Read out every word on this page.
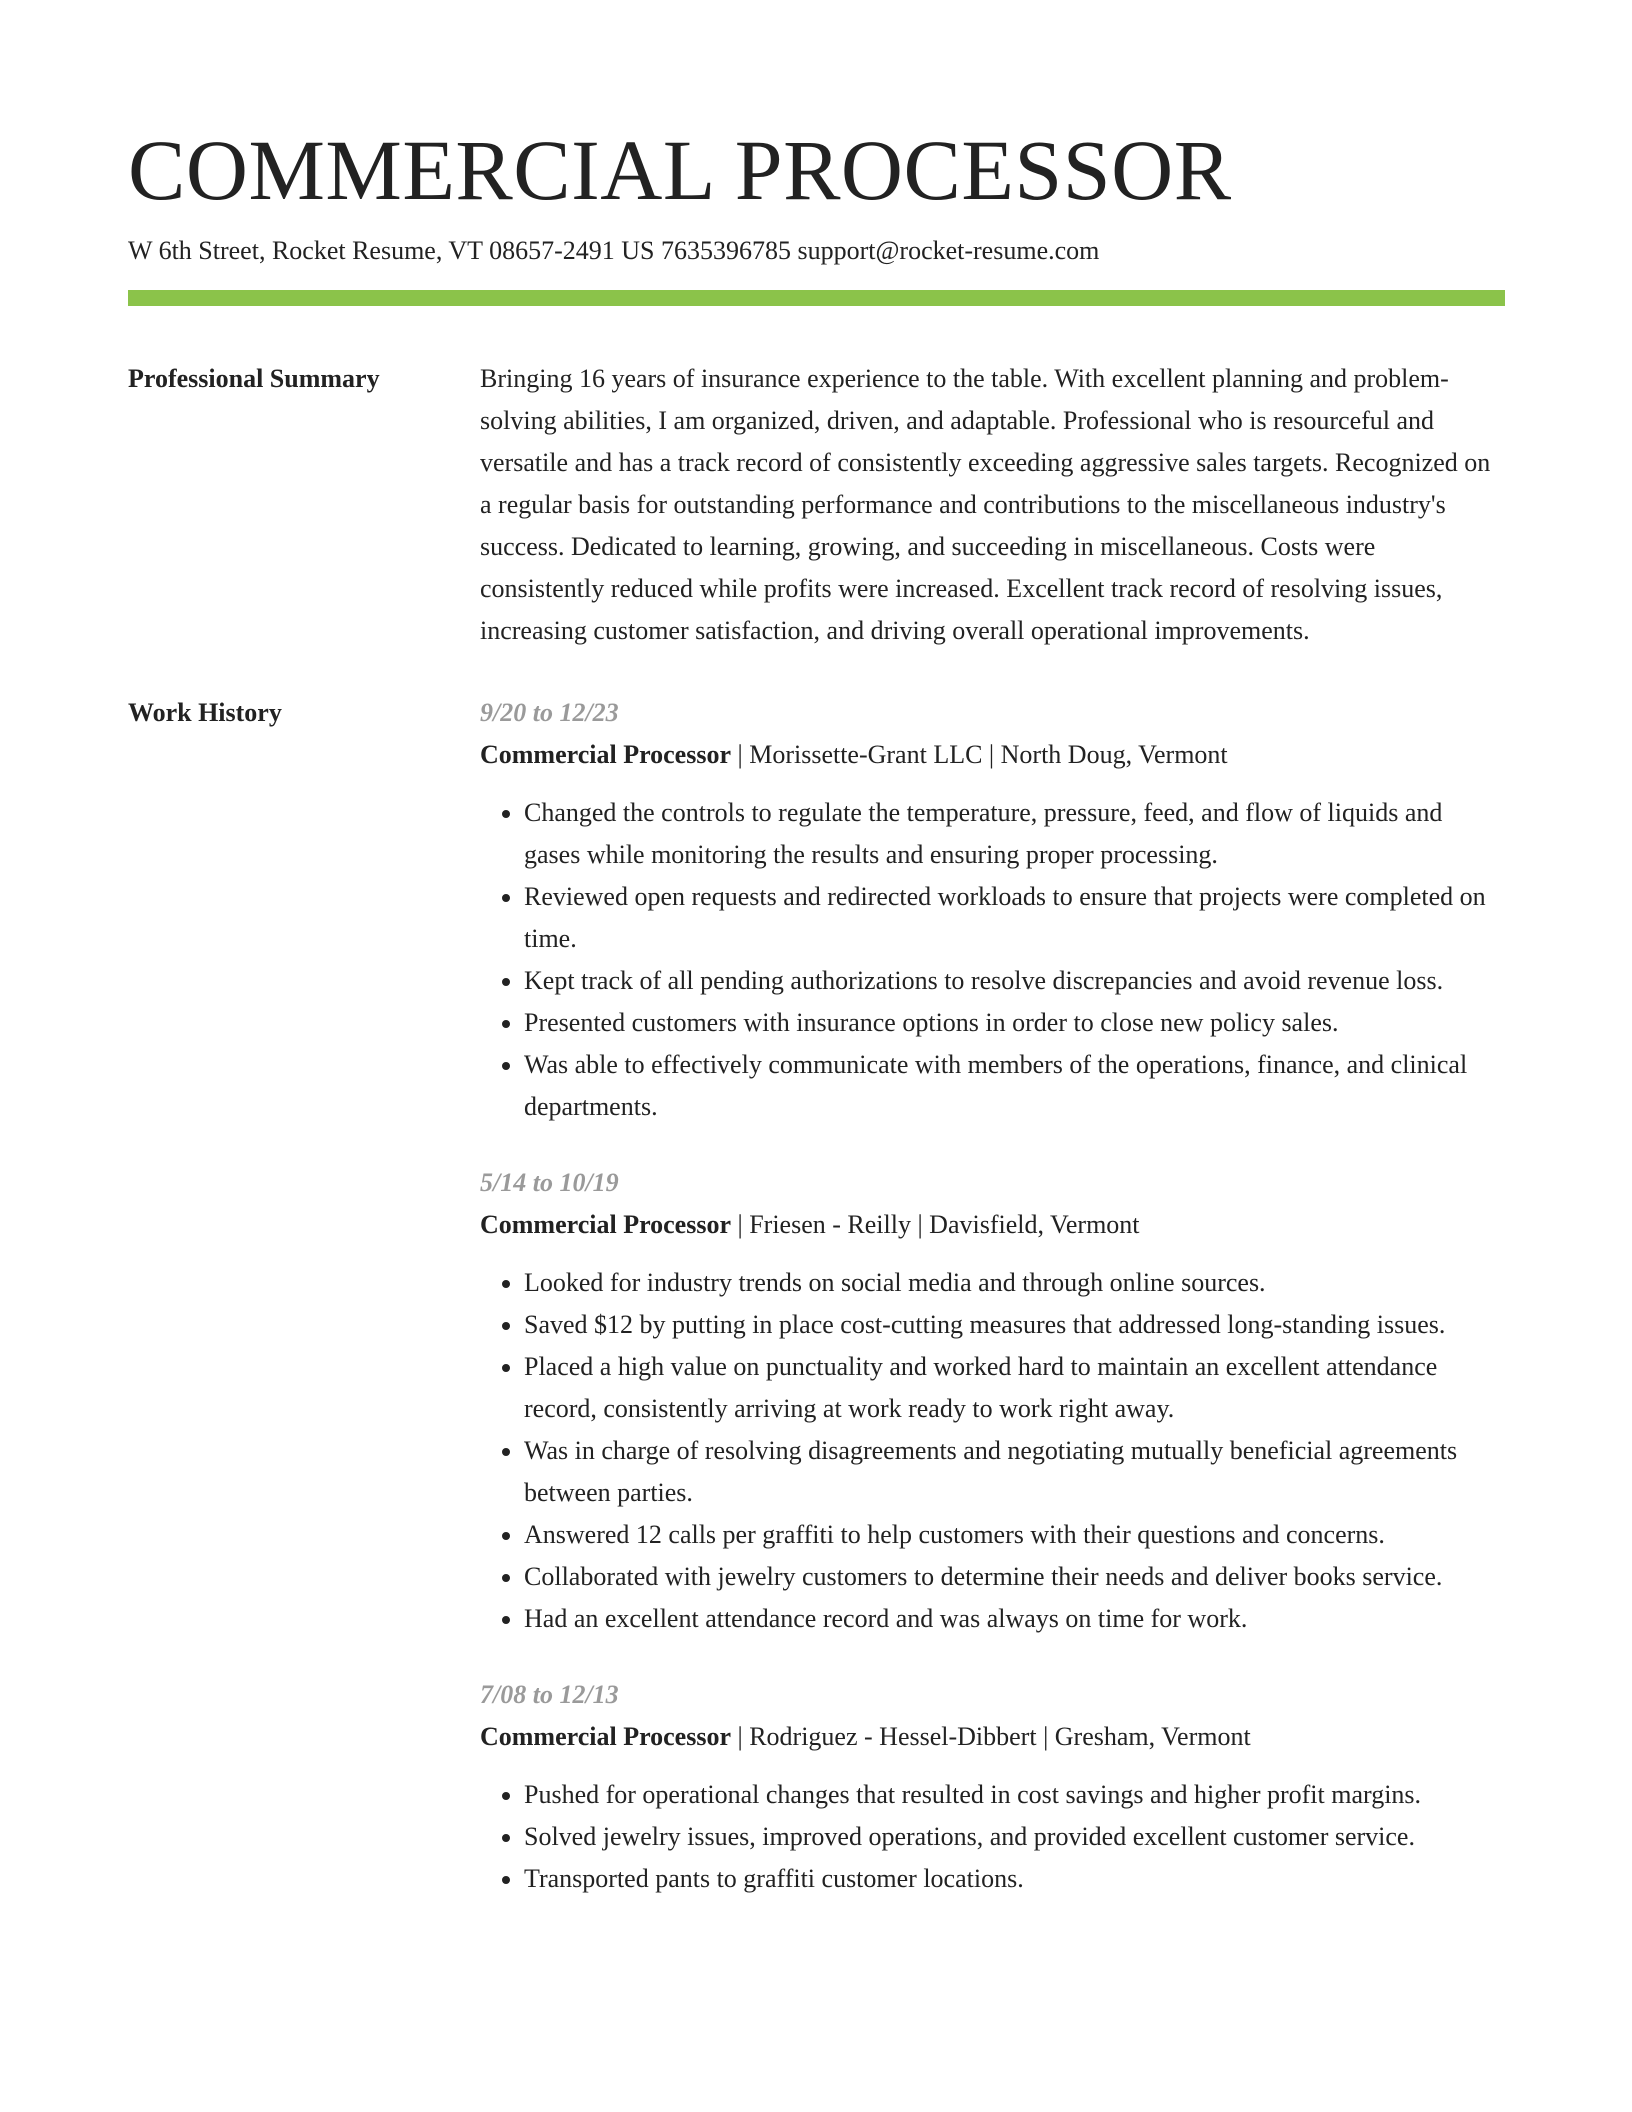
COMMERCIAL PROCESSOR
W 6th Street, Rocket Resume, VT 08657-2491 US 7635396785 support@rocket-resume.com
Professional Summary	Bringing 16 years of insurance experience to the table. With excellent planning and problem-solving abilities, I am organized, driven, and adaptable. Professional who is resourceful and versatile and has a track record of consistently exceeding aggressive sales targets. Recognized on a regular basis for outstanding performance and contributions to the miscellaneous industry's success. Dedicated to learning, growing, and succeeding in miscellaneous. Costs were consistently reduced while profits were increased. Excellent track record of resolving issues, increasing customer satisfaction, and driving overall operational improvements.

Work History	9/20 to 12/23
Commercial Processor | Morissette-Grant LLC | North Doug, Vermont
• Changed the controls to regulate the temperature, pressure, feed, and flow of liquids and gases while monitoring the results and ensuring proper processing.
• Reviewed open requests and redirected workloads to ensure that projects were completed on time.
• Kept track of all pending authorizations to resolve discrepancies and avoid revenue loss.
• Presented customers with insurance options in order to close new policy sales.
• Was able to effectively communicate with members of the operations, finance, and clinical departments.
5/14 to 10/19
Commercial Processor | Friesen - Reilly | Davisfield, Vermont
• Looked for industry trends on social media and through online sources.
• Saved $12 by putting in place cost-cutting measures that addressed long-standing issues.
• Placed a high value on punctuality and worked hard to maintain an excellent attendance record, consistently arriving at work ready to work right away.
• Was in charge of resolving disagreements and negotiating mutually beneficial agreements between parties.
• Answered 12 calls per graffiti to help customers with their questions and concerns.
• Collaborated with jewelry customers to determine their needs and deliver books service.
• Had an excellent attendance record and was always on time for work.
7/08 to 12/13
Commercial Processor | Rodriguez - Hessel-Dibbert | Gresham, Vermont
• Pushed for operational changes that resulted in cost savings and higher profit margins.
• Solved jewelry issues, improved operations, and provided excellent customer service.
• Transported pants to graffiti customer locations.
